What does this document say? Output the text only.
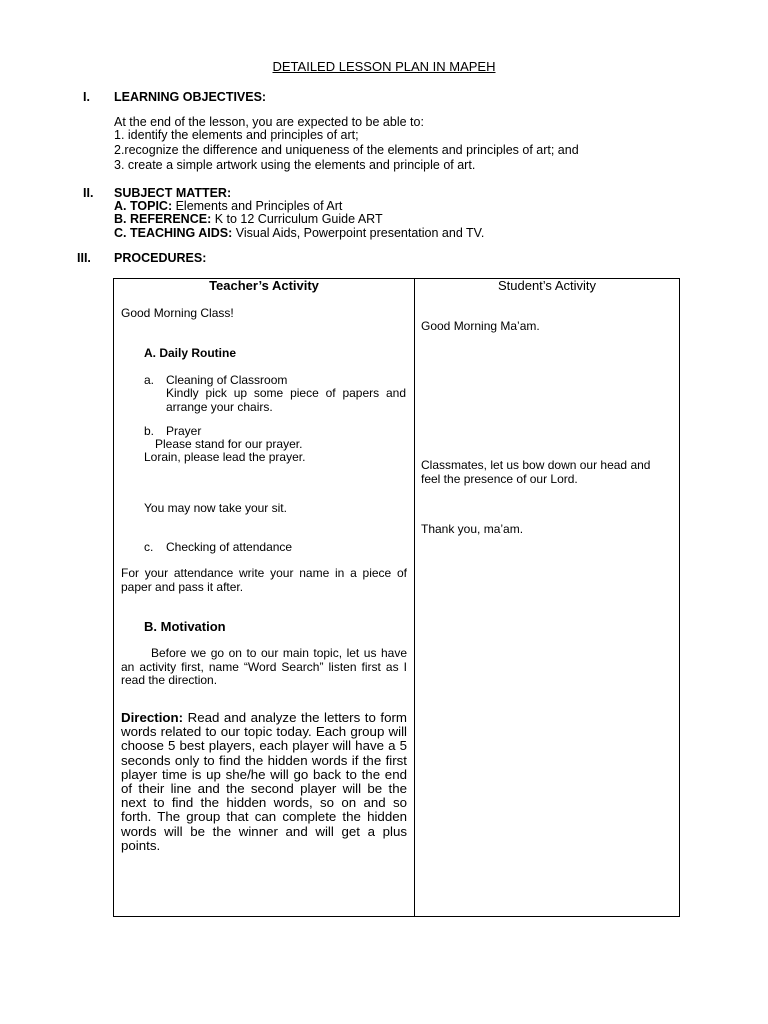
DETAILED LESSON PLAN IN MAPEH
I. LEARNING OBJECTIVES:
At the end of the lesson, you are expected to be able to:
1. identify the elements and principles of art;
2.recognize the difference and uniqueness of the elements and principles of art; and
3. create a simple artwork using the elements and principle of art.
II. SUBJECT MATTER:
A. TOPIC: Elements and Principles of Art
B. REFERENCE: K to 12 Curriculum Guide ART
C. TEACHING AIDS: Visual Aids, Powerpoint presentation and TV.
III. PROCEDURES:
Teacher’s Activity	Student’s Activity
Good Morning Class!
A. Daily Routine
a. Cleaning of Classroom
Kindly pick up some piece of papers and arrange your chairs.
b. Prayer
Please stand for our prayer.
Lorain, please lead the prayer.
You may now take your sit.
c. Checking of attendance
For your attendance write your name in a piece of paper and pass it after.
B. Motivation
Before we go on to our main topic, let us have an activity first, name “Word Search” listen first as I read the direction.
Direction: Read and analyze the letters to form words related to our topic today. Each group will choose 5 best players, each player will have a 5 seconds only to find the hidden words if the first player time is up she/he will go back to the end of their line and the second player will be the next to find the hidden words, so on and so forth. The group that can complete the hidden words will be the winner and will get a plus points.
Good Morning Ma’am.
Classmates, let us bow down our head and feel the presence of our Lord.
Thank you, ma’am.
